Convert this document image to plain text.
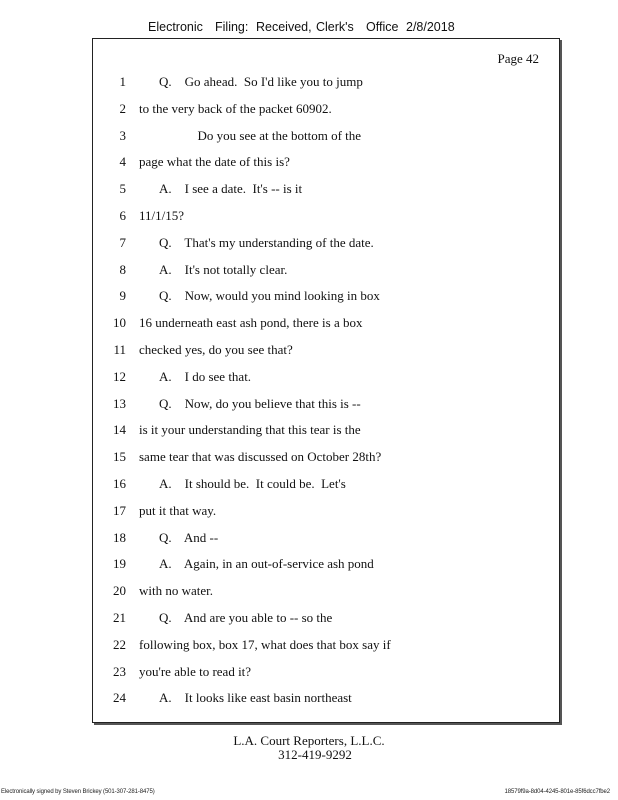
Electronic Filing: Received, Clerk's Office 2/8/2018
Page 42
1	Q.    Go ahead.  So I'd like you to jump
2 to the very back of the packet 60902.
3 Do you see at the bottom of the
4 page what the date of this is?
5	A.    I see a date.  It's -- is it
6 11/1/15?
7	Q.    That's my understanding of the date.
8	A.    It's not totally clear.
9	Q.    Now, would you mind looking in box
10 16 underneath east ash pond, there is a box
11 checked yes, do you see that?
12	A.    I do see that.
13	Q.    Now, do you believe that this is --
14 is it your understanding that this tear is the
15 same tear that was discussed on October 28th?
16	A.    It should be.  It could be.  Let's
17 put it that way.
18	Q.    And --
19	A.    Again, in an out-of-service ash pond
20 with no water.
21	Q.    And are you able to -- so the
22 following box, box 17, what does that box say if
23 you're able to read it?
24	A.    It looks like east basin northeast
L.A. Court Reporters, L.L.C.
312-419-9292
Electronically signed by Steven Brickey (501-307-281-8475)	18579f9a-8d04-4245-801e-85f6dcc7fbe2
